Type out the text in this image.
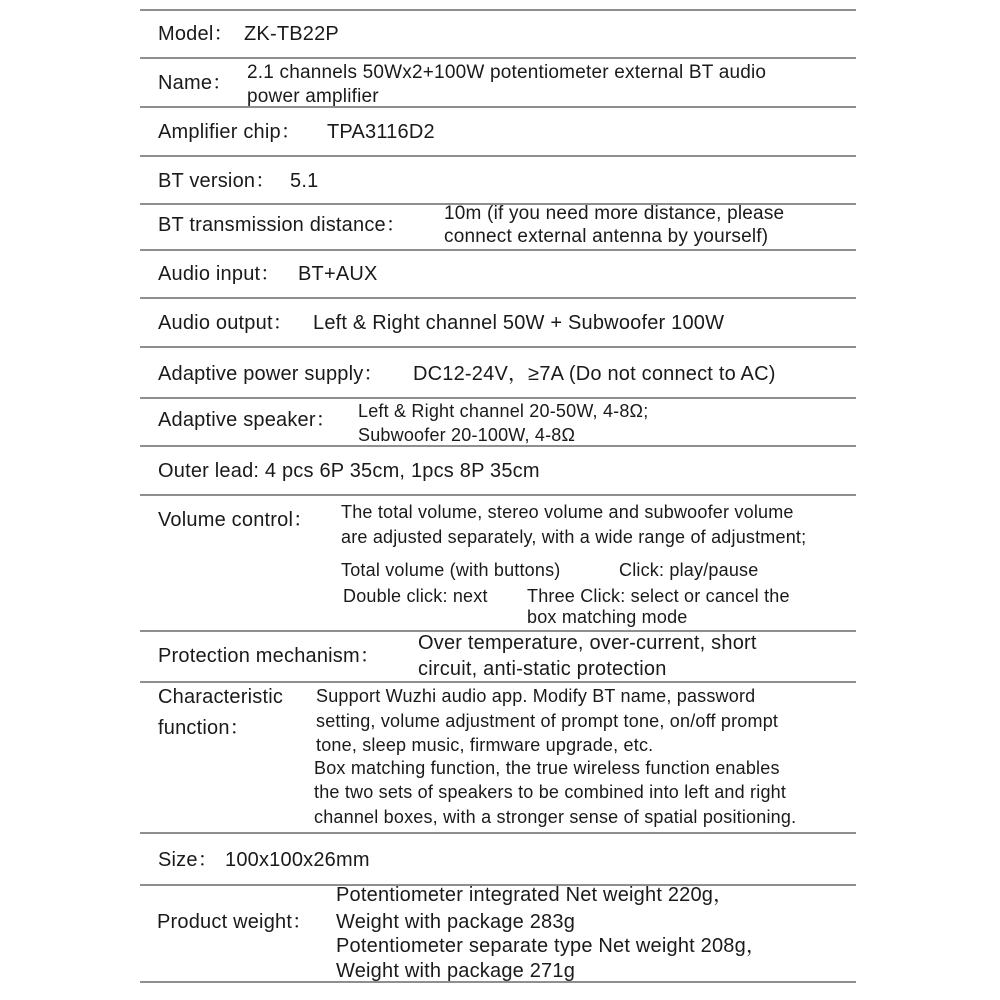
Model： ZK-TB22P
Name： 2.1 channels 50Wx2+100W potentiometer external BT audio
power amplifier
Amplifier chip： TPA3116D2
BT version： 5.1
BT transmission distance：
10m (if you need more distance, please
connect external antenna by yourself)
Audio input： BT+AUX
Audio output： Left & Right channel 50W + Subwoofer 100W
Adaptive power supply： DC12-24V，≥7A (Do not connect to AC)
Adaptive speaker： Left & Right channel 20-50W, 4-8Ω;
Subwoofer 20-100W, 4-8Ω
Outer lead: 4 pcs 6P 35cm, 1pcs 8P 35cm
Volume control： The total volume, stereo volume and subwoofer volume
are adjusted separately, with a wide range of adjustment;
Total volume (with buttons)	Click: play/pause
Double click: next Three Click: select or cancel the
box matching mode
Protection mechanism：
Over temperature, over-current, short
circuit, anti-static protection
Characteristic
function：
Support Wuzhi audio app. Modify BT name, password
setting, volume adjustment of prompt tone, on/off prompt
tone, sleep music, firmware upgrade, etc.
Box matching function, the true wireless function enables
the two sets of speakers to be combined into left and right
channel boxes, with a stronger sense of spatial positioning.
Size： 100x100x26mm
Product weight：
Potentiometer integrated Net weight 220g，
Weight with package 283g
Potentiometer separate type Net weight 208g，
Weight with package 271g
